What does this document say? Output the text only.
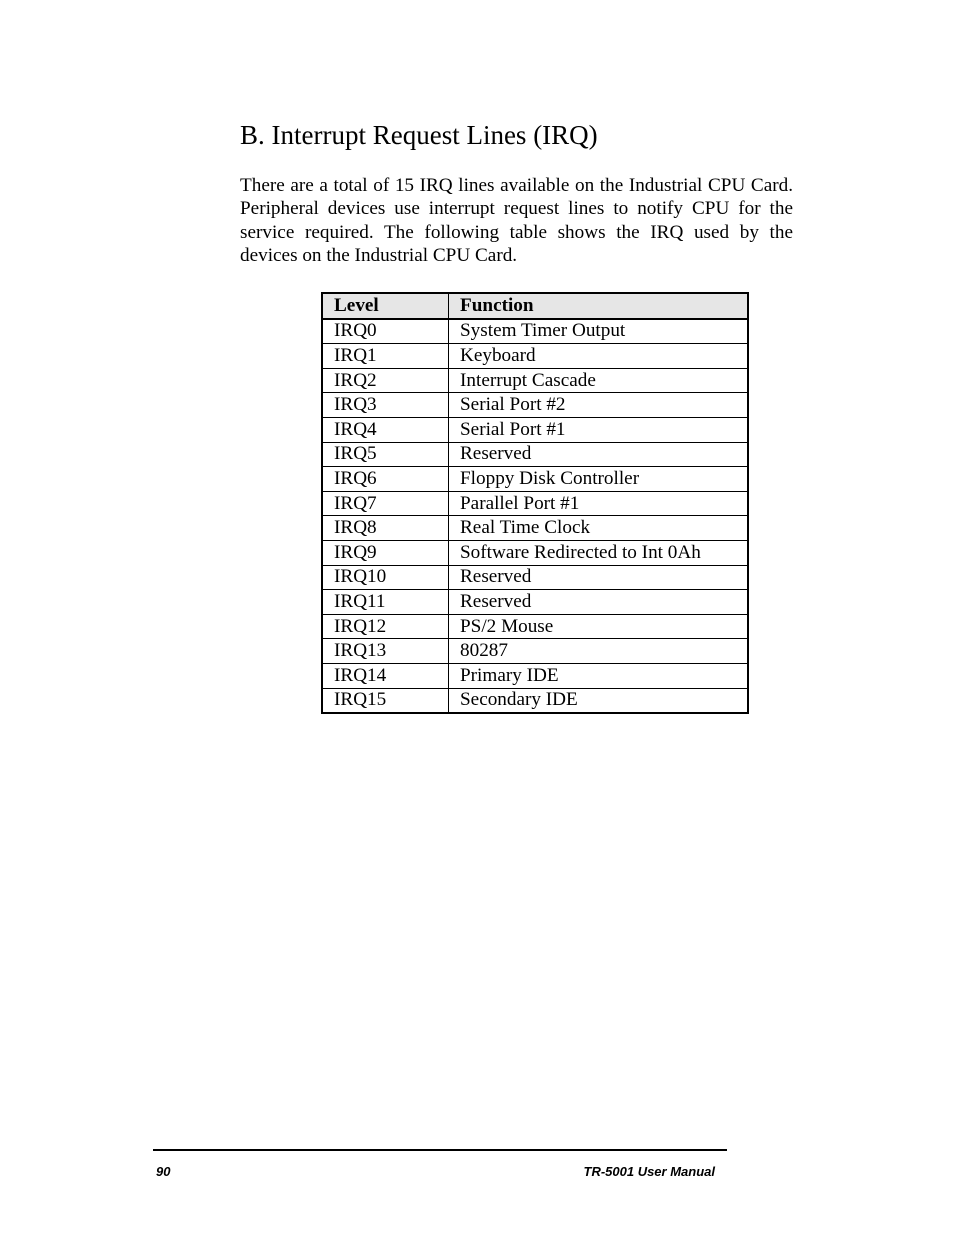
B. Interrupt Request Lines (IRQ)

There are a total of 15 IRQ lines available on the Industrial CPU Card. Peripheral devices use interrupt request lines to notify CPU for the service required. The following table shows the IRQ used by the devices on the Industrial CPU Card.

Level	Function
IRQ0	System Timer Output
IRQ1	Keyboard
IRQ2	Interrupt Cascade
IRQ3	Serial Port #2
IRQ4	Serial Port #1
IRQ5	Reserved
IRQ6	Floppy Disk Controller
IRQ7	Parallel Port #1
IRQ8	Real Time Clock
IRQ9	Software Redirected to Int 0Ah
IRQ10	Reserved
IRQ11	Reserved
IRQ12	PS/2 Mouse
IRQ13	80287
IRQ14	Primary IDE
IRQ15	Secondary IDE
90	TR-5001 User Manual
